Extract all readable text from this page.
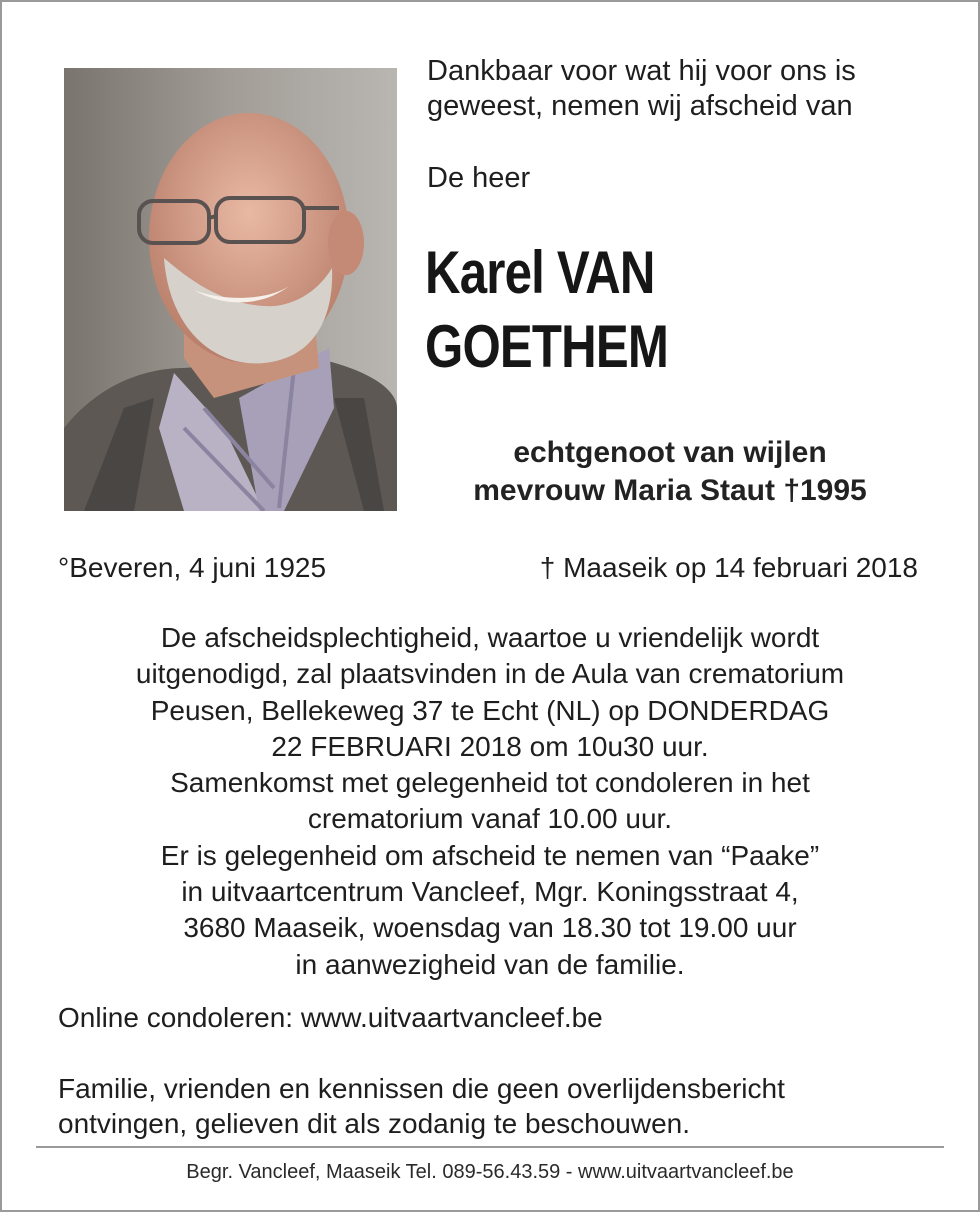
Dankbaar voor wat hij voor ons is
geweest, nemen wij afscheid van
De heer
Karel VAN
GOETHEM
echtgenoot van wijlen
mevrouw Maria Staut †1995
°Beveren, 4 juni 1925	† Maaseik op 14 februari 2018
De afscheidsplechtigheid, waartoe u vriendelijk wordt
uitgenodigd, zal plaatsvinden in de Aula van crematorium
Peusen, Bellekeweg 37 te Echt (NL) op DONDERDAG
22 FEBRUARI 2018 om 10u30 uur.
Samenkomst met gelegenheid tot condoleren in het
crematorium vanaf 10.00 uur.
Er is gelegenheid om afscheid te nemen van “Paake”
in uitvaartcentrum Vancleef, Mgr. Koningsstraat 4,
3680 Maaseik, woensdag van 18.30 tot 19.00 uur
in aanwezigheid van de familie.
Online condoleren: www.uitvaartvancleef.be
Familie, vrienden en kennissen die geen overlijdensbericht
ontvingen, gelieven dit als zodanig te beschouwen.
Begr. Vancleef, Maaseik Tel. 089-56.43.59 - www.uitvaartvancleef.be
